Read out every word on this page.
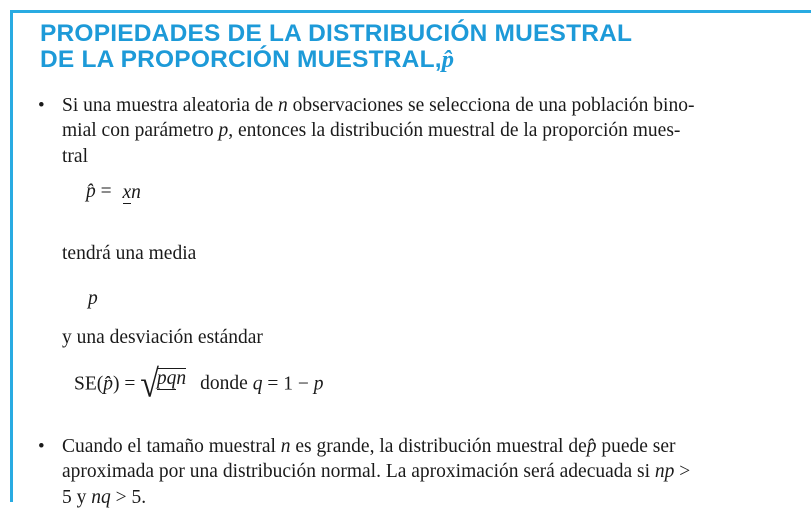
PROPIEDADES DE LA DISTRIBUCIÓN MUESTRAL
DE LA PROPORCIÓN MUESTRAL,p̂
• Si una muestra aleatoria de n observaciones se selecciona de una población bino-
mial con parámetro p, entonces la distribución muestral de la proporción mues-
tral
p̂ = xn
tendrá una media
p
y una desviación estándar
SE(p̂) = √
pqn donde q = 1 − p
• Cuando el tamaño muestral n es grande, la distribución muestral dep̂ puede ser
aproximada por una distribución normal. La aproximación será adecuada si np >
5 y nq > 5.
